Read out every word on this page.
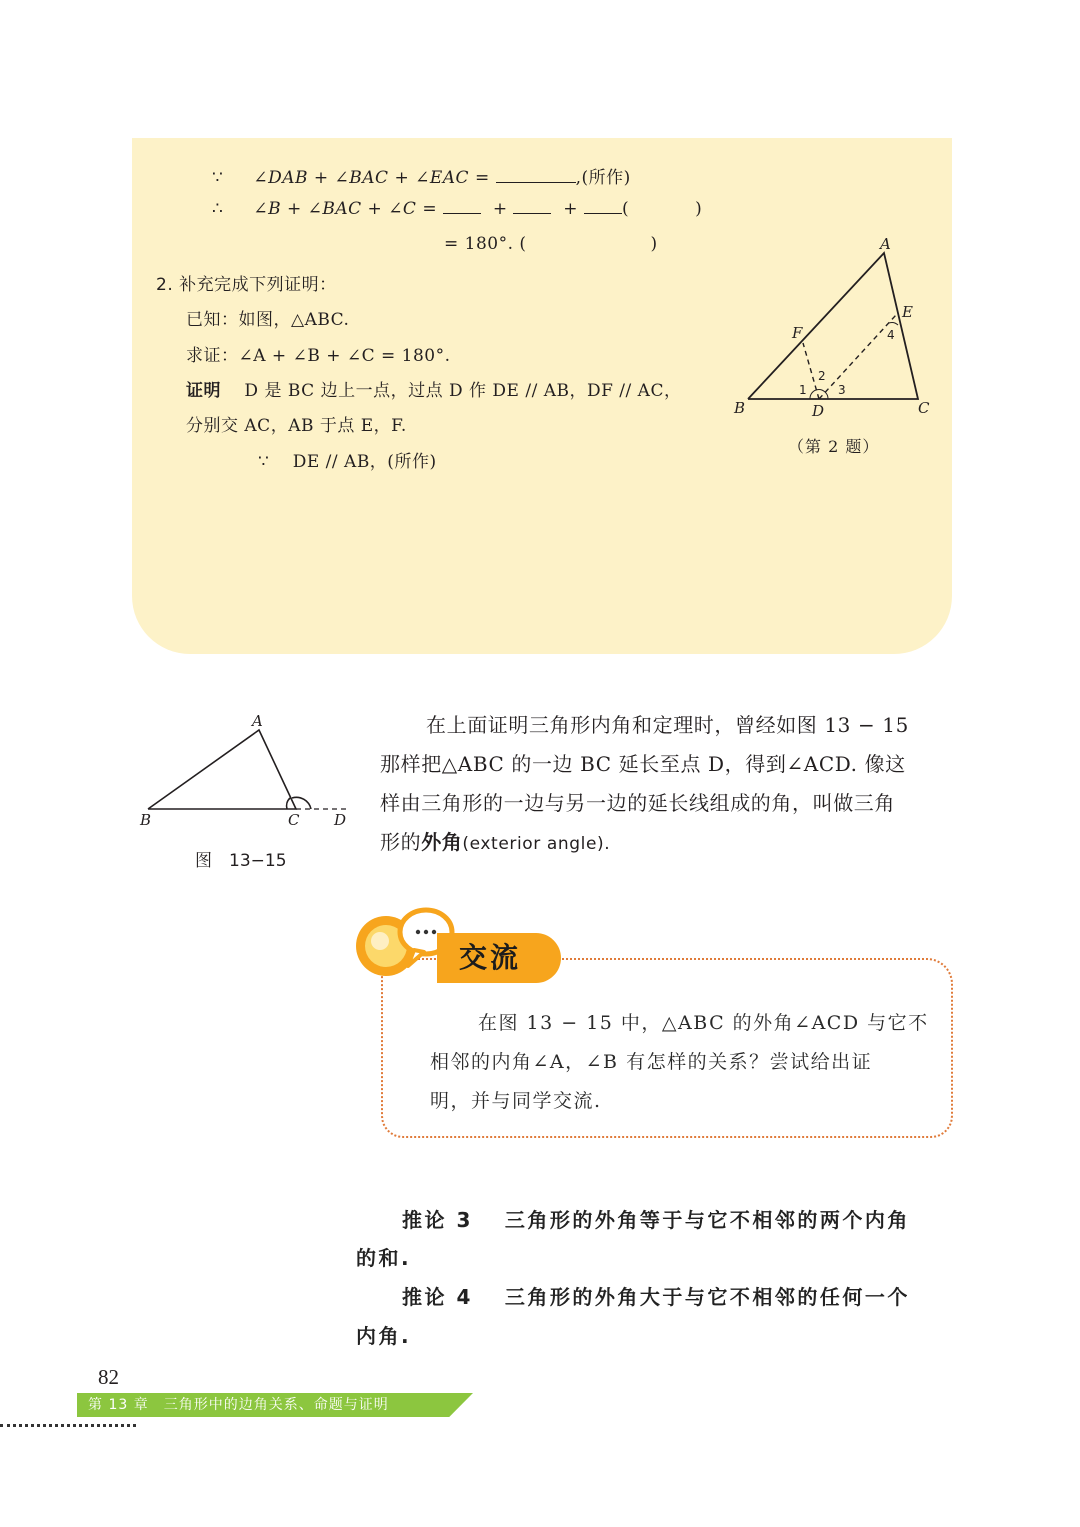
∵ ∠DAB + ∠BAC + ∠EAC =	,(所作)
∴ ∠B + ∠BAC + ∠C =	+	+	(	)
= 180°. (	)
2. 补充完成下列证明：
已知：如图，△ABC.
求证：∠A + ∠B + ∠C = 180°.
证明　 D 是 BC 边上一点，过点 D 作 DE // AB，DF // AC，
分别交 AC，AB 于点 E，F.
∵　 DE // AB，(所作)
A
B	C
D
E
F
1
2
3
4
（第 2 题）
A
B	C D
图　13−15
在上面证明三角形内角和定理时，曾经如图 13 − 15
那样把△ABC 的一边 BC 延长至点 D，得到∠ACD. 像这
样由三角形的一边与另一边的延长线组成的角，叫做三角
形的外角(exterior angle).
交流
在图 13 − 15 中，△ABC 的外角∠ACD 与它不
相邻的内角∠A，∠B 有怎样的关系？尝试给出证
明，并与同学交流.
推论 3　 三角形的外角等于与它不相邻的两个内角
的和.
推论 4　 三角形的外角大于与它不相邻的任何一个
内角.
82
第 13 章　三角形中的边角关系、命题与证明
